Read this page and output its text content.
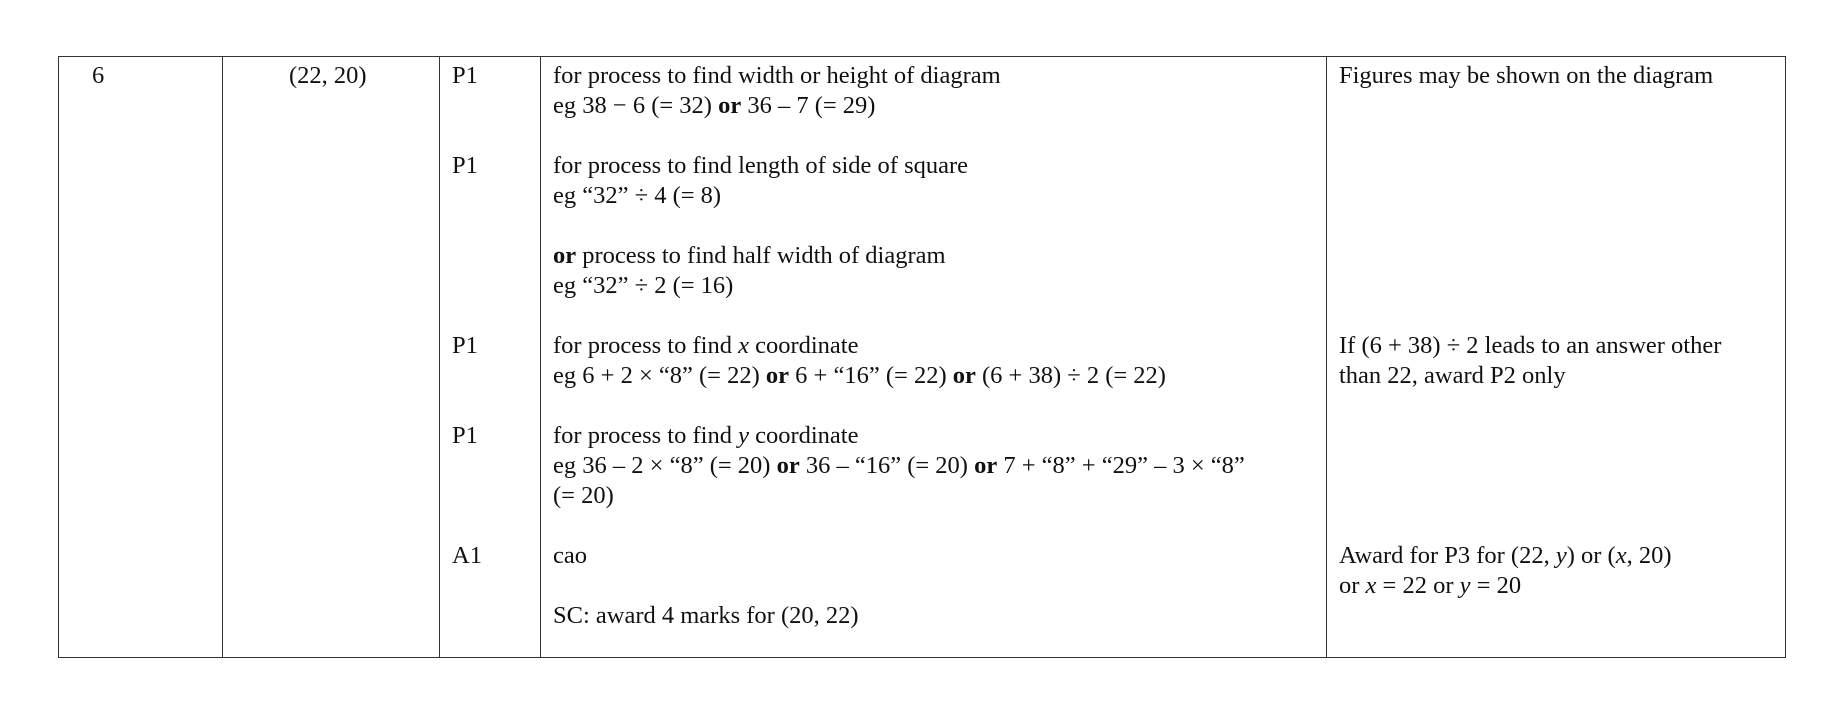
6	(22, 20)	P1
P1
P1
P1
A1
for process to find width or height of diagram
eg 38 − 6 (= 32) or 36 – 7 (= 29)
for process to find length of side of square
eg “32” ÷ 4 (= 8)
or process to find half width of diagram
eg “32” ÷ 2 (= 16)
for process to find x coordinate
eg 6 + 2 × “8” (= 22) or 6 + “16” (= 22) or (6 + 38) ÷ 2 (= 22)
for process to find y coordinate
eg 36 – 2 × “8” (= 20) or 36 – “16” (= 20) or 7 + “8” + “29” – 3 × “8”
(= 20)
cao
SC: award 4 marks for (20, 22)
Figures may be shown on the diagram
If (6 + 38) ÷ 2 leads to an answer other
than 22, award P2 only
Award for P3 for (22, y) or (x, 20)
or x = 22 or y = 20
